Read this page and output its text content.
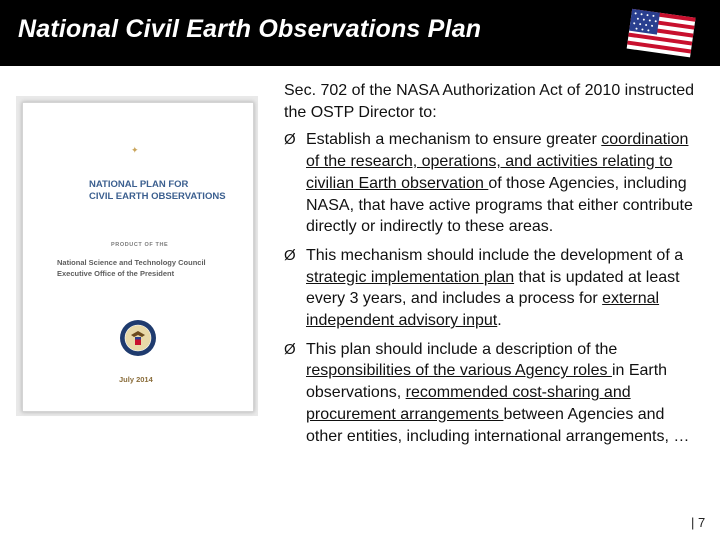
National Civil Earth Observations Plan
✦
NATIONAL PLAN FOR
CIVIL EARTH OBSERVATIONS
PRODUCT OF THE
National Science and Technology Council
Executive Office of the President
July 2014

Sec. 702 of the NASA Authorization Act of 2010 instructed the OSTP Director to:

Ø Establish a mechanism to ensure greater coordination of the research, operations, and activities relating to civilian Earth observation of those Agencies, including NASA, that have active programs that either contribute directly or indirectly to these areas.
Ø This mechanism should include the development of a strategic implementation plan that is updated at least every 3 years, and includes a process for external independent advisory input.
Ø This plan should include a description of the responsibilities of the various Agency roles in Earth observations, recommended cost-sharing and procurement arrangements between Agencies and other entities, including international arrangements, …
| 7
